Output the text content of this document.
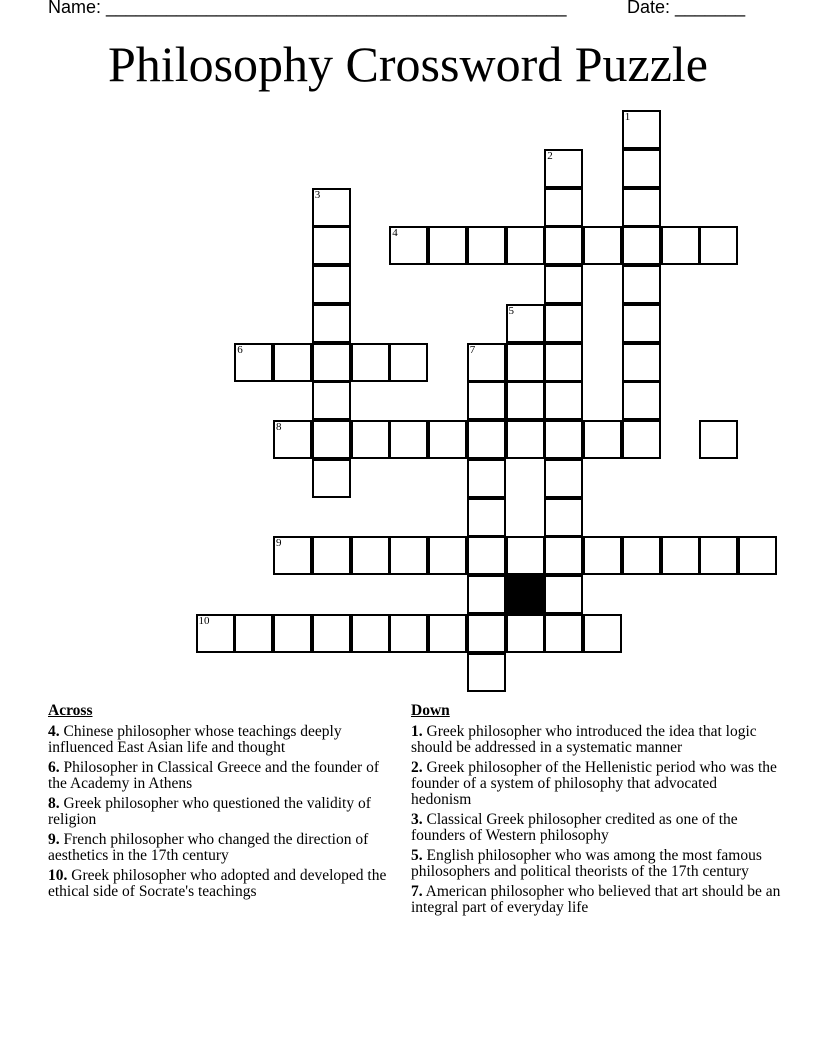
Name: ______________________________________________	Date: _______
Philosophy Crossword Puzzle
1
2
3
4
5
6	7
8
9
10
Across
4. Chinese philosopher whose teachings deeply influenced East Asian life and thought
6. Philosopher in Classical Greece and the founder of the Academy in Athens
8. Greek philosopher who questioned the validity of religion
9. French philosopher who changed the direction of aesthetics in the 17th century
10. Greek philosopher who adopted and developed the ethical side of Socrate's teachings
Down
1. Greek philosopher who introduced the idea that logic should be addressed in a systematic manner
2. Greek philosopher of the Hellenistic period who was the founder of a system of philosophy that advocated hedonism
3. Classical Greek philosopher credited as one of the founders of Western philosophy
5. English philosopher who was among the most famous philosophers and political theorists of the 17th century
7. American philosopher who believed that art should be an integral part of everyday life
